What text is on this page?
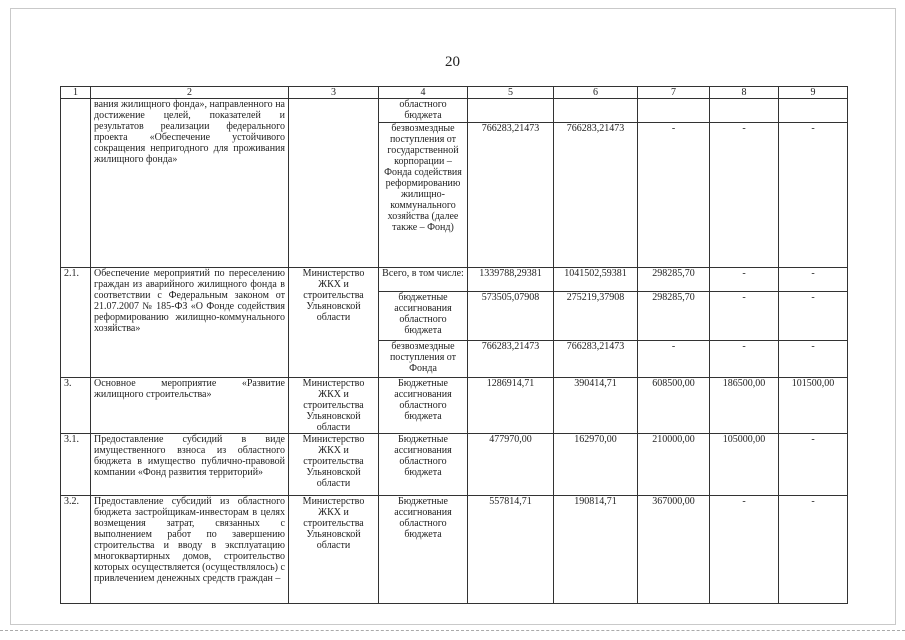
20
1	2	3	4	5	6	7	8	9
	вания жилищного фонда», направленного на достижение целей, показателей и результатов реализации федерального проекта «Обеспечение устойчивого сокращения непригодного для проживания жилищного фонда»		областного бюджета					
			безвозмездные поступления от государственной корпорации – Фонда содействия реформированию жилищно-коммунального хозяйства (далее также – Фонд)	766283,21473	766283,21473	-	-	-
2.1.	Обеспечение мероприятий по переселению граждан из аварийного жилищного фонда в соответствии с Федеральным законом от 21.07.2007 № 185-ФЗ «О Фонде содействия реформированию жилищно-коммунального хозяйства»	Министерство ЖКХ и строительства Ульяновской области	Всего, в том числе:	1339788,29381	1041502,59381	298285,70	-	-
			бюджетные ассигнования областного бюджета	573505,07908	275219,37908	298285,70	-	-
			безвозмездные поступления от Фонда	766283,21473	766283,21473	-	-	-
3.	Основное мероприятие «Развитие жилищного строительства»	Министерство ЖКХ и строительства Ульяновской области	Бюджетные ассигнования областного бюджета	1286914,71	390414,71	608500,00	186500,00	101500,00
3.1.	Предоставление субсидий в виде имущественного взноса из областного бюджета в имущество публично-правовой компании «Фонд развития территорий»	Министерство ЖКХ и строительства Ульяновской области	Бюджетные ассигнования областного бюджета	477970,00	162970,00	210000,00	105000,00	-
3.2.	Предоставление субсидий из областного бюджета застройщикам-инвесторам в целях возмещения затрат, связанных с выполнением работ по завершению строительства и вводу в эксплуатацию многоквартирных домов, строительство которых осуществляется (осуществлялось) с привлечением денежных средств граждан –	Министерство ЖКХ и строительства Ульяновской области	Бюджетные ассигнования областного бюджета	557814,71	190814,71	367000,00	-	-
